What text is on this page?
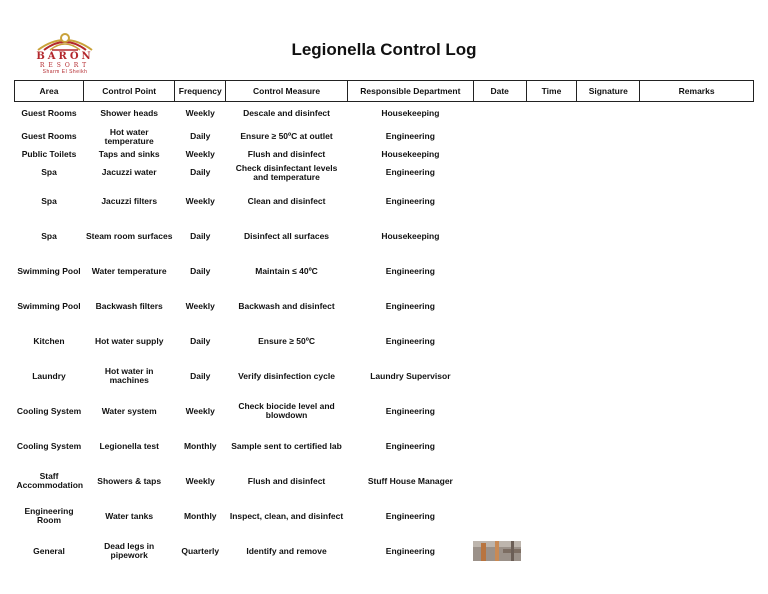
BARON
RESORT
Sharm El Sheikh
Legionella Control Log
Area	Control Point	Frequency	Control Measure	Responsible Department	Date	Time	Signature	Remarks
Guest Rooms	Shower heads	Weekly	Descale and disinfect	Housekeeping				
Guest Rooms	Hot water temperature	Daily	Ensure ≥ 50ºC at outlet	Engineering				
Public Toilets	Taps and sinks	Weekly	Flush and disinfect	Housekeeping				
Spa	Jacuzzi water	Daily	Check disinfectant levels and temperature	Engineering				
Spa	Jacuzzi filters	Weekly	Clean and disinfect	Engineering				
Spa	Steam room surfaces	Daily	Disinfect all surfaces	Housekeeping				
Swimming Pool	Water temperature	Daily	Maintain ≤ 40ºC	Engineering				
Swimming Pool	Backwash filters	Weekly	Backwash and disinfect	Engineering				
Kitchen	Hot water supply	Daily	Ensure ≥ 50ºC	Engineering				
Laundry	Hot water in machines	Daily	Verify disinfection cycle	Laundry Supervisor				
Cooling System	Water system	Weekly	Check biocide level and blowdown	Engineering				
Cooling System	Legionella test	Monthly	Sample sent to certified lab	Engineering				
Staff Accommodation	Showers & taps	Weekly	Flush and disinfect	Stuff House Manager				
Engineering Room	Water tanks	Monthly	Inspect, clean, and disinfect	Engineering				
General	Dead legs in pipework	Quarterly	Identify and remove	Engineering				
